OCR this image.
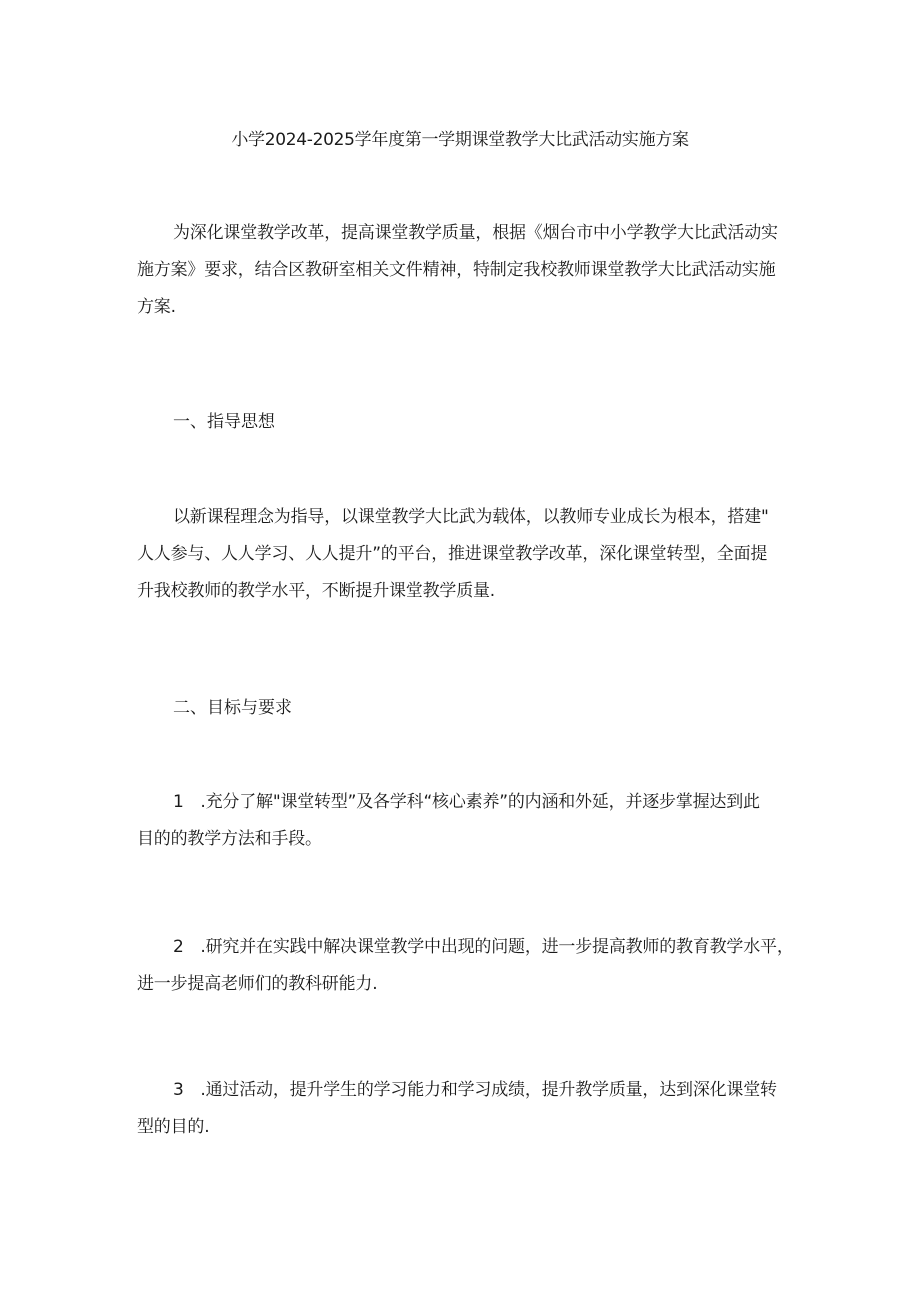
小学2024-2025学年度第一学期课堂教学大比武活动实施方案
为深化课堂教学改革，提高课堂教学质量，根据《烟台市中小学教学大比武活动实
施方案》要求，结合区教研室相关文件精神，特制定我校教师课堂教学大比武活动实施
方案.
一、指导思想
以新课程理念为指导，以课堂教学大比武为载体，以教师专业成长为根本，搭建"
人人参与、人人学习、人人提升”的平台，推进课堂教学改革，深化课堂转型，全面提
升我校教师的教学水平，不断提升课堂教学质量.
二、目标与要求
1　.充分了解"课堂转型”及各学科“核心素养”的内涵和外延，并逐步掌握达到此
目的的教学方法和手段。
2　.研究并在实践中解决课堂教学中出现的问题，进一步提高教师的教育教学水平，
进一步提高老师们的教科研能力.
3　.通过活动，提升学生的学习能力和学习成绩，提升教学质量，达到深化课堂转
型的目的.
